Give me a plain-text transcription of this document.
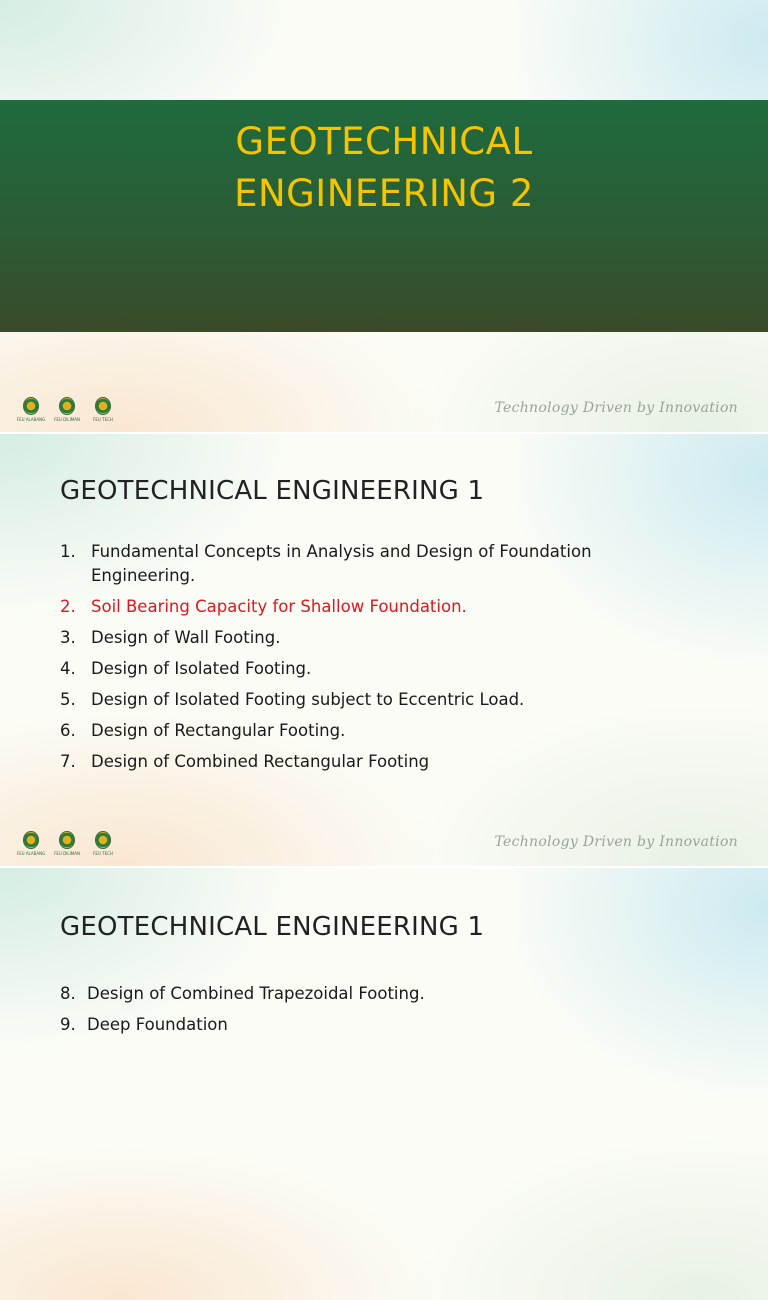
GEOTECHNICAL
ENGINEERING 2
FEU ALABANG FEU DILIMAN	FEU TECH
Technology Driven by Innovation
GEOTECHNICAL ENGINEERING 1
1. Fundamental Concepts in Analysis and Design of Foundation Engineering.
2. Soil Bearing Capacity for Shallow Foundation.
3. Design of Wall Footing.
4. Design of Isolated Footing.
5. Design of Isolated Footing subject to Eccentric Load.
6. Design of Rectangular Footing.
7. Design of Combined Rectangular Footing
FEU ALABANG FEU DILIMAN	FEU TECH
Technology Driven by Innovation
GEOTECHNICAL ENGINEERING 1
8. Design of Combined Trapezoidal Footing.
9. Deep Foundation
